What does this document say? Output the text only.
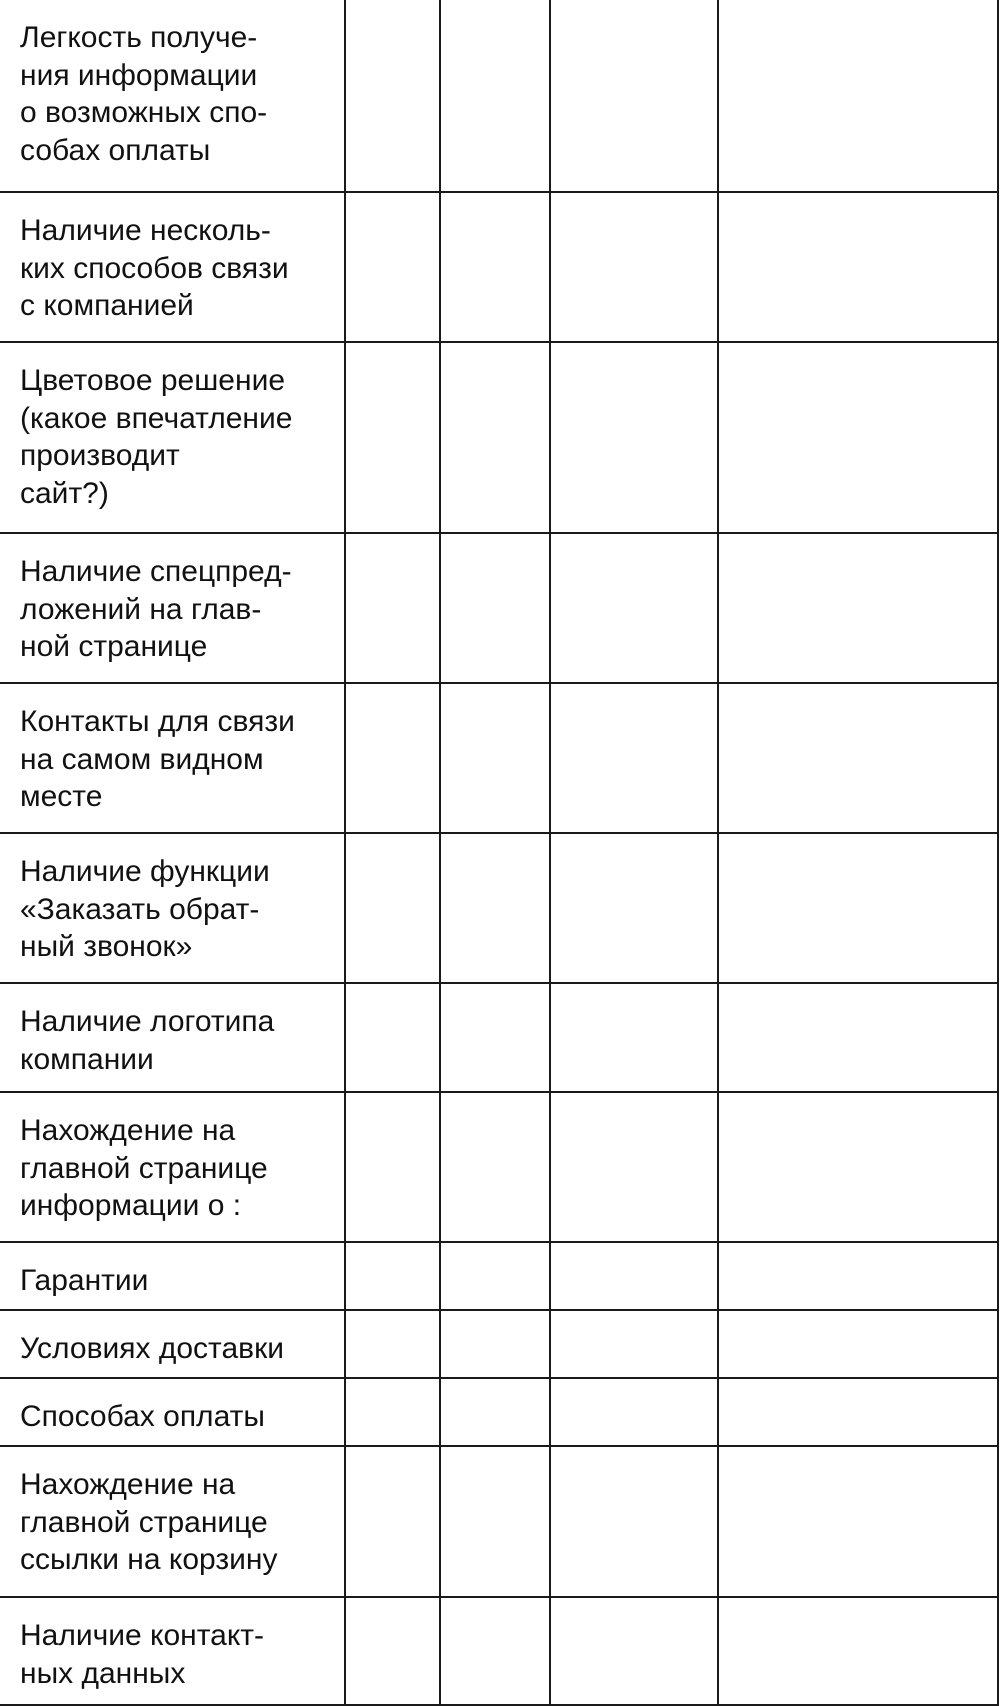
Легкость получе-
ния информации
о возможных спо-
собах оплаты				

Наличие несколь-
ких способов связи
с компанией				

Цветовое решение
(какое впечатление
производит
сайт?)				

Наличие спецпред-
ложений на глав-
ной странице				

Контакты для связи
на самом видном
месте				

Наличие функции
«Заказать обрат-
ный звонок»				

Наличие логотипа
компании				

Нахождение на
главной странице
информации о :				

Гарантии				

Условиях доставки				

Способах оплаты				

Нахождение на
главной странице
ссылки на корзину				

Наличие контакт-
ных данных				
